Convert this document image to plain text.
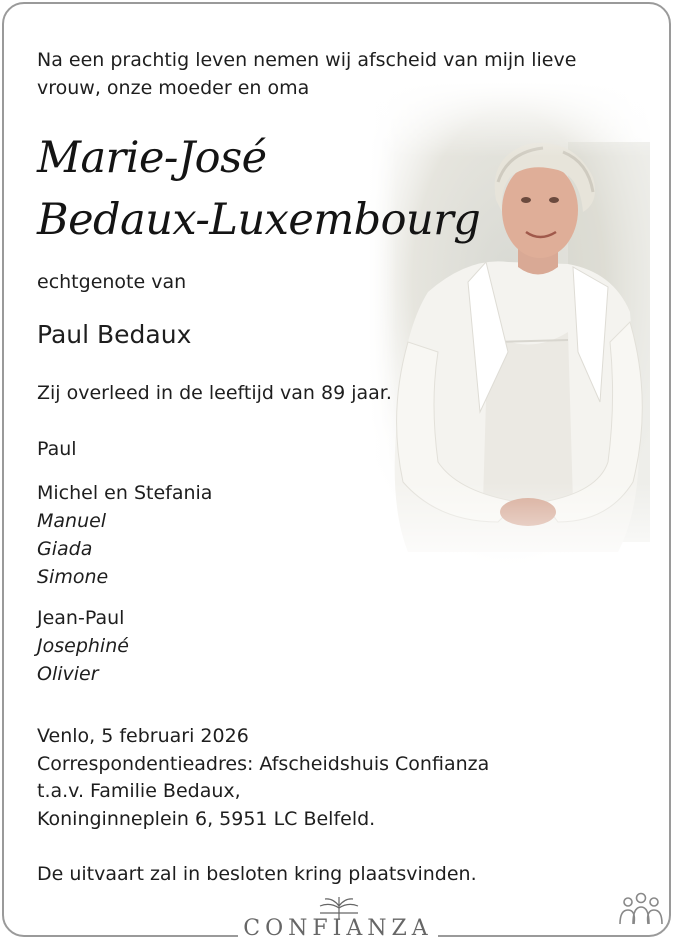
Na een prachtig leven nemen wij afscheid van mijn lieve
vrouw, onze moeder en oma
Marie-José
Bedaux-Luxembourg
echtgenote van
Paul Bedaux
Zij overleed in de leeftijd van 89 jaar.
Paul
Michel en Stefania
Manuel
Giada
Simone
Jean-Paul
Josephiné
Olivier
Venlo, 5 februari 2026
Correspondentieadres: Afscheidshuis Confianza
t.a.v. Familie Bedaux,
Koninginneplein 6, 5951 LC Belfeld.
De uitvaart zal in besloten kring plaatsvinden.
CONFIANZA
